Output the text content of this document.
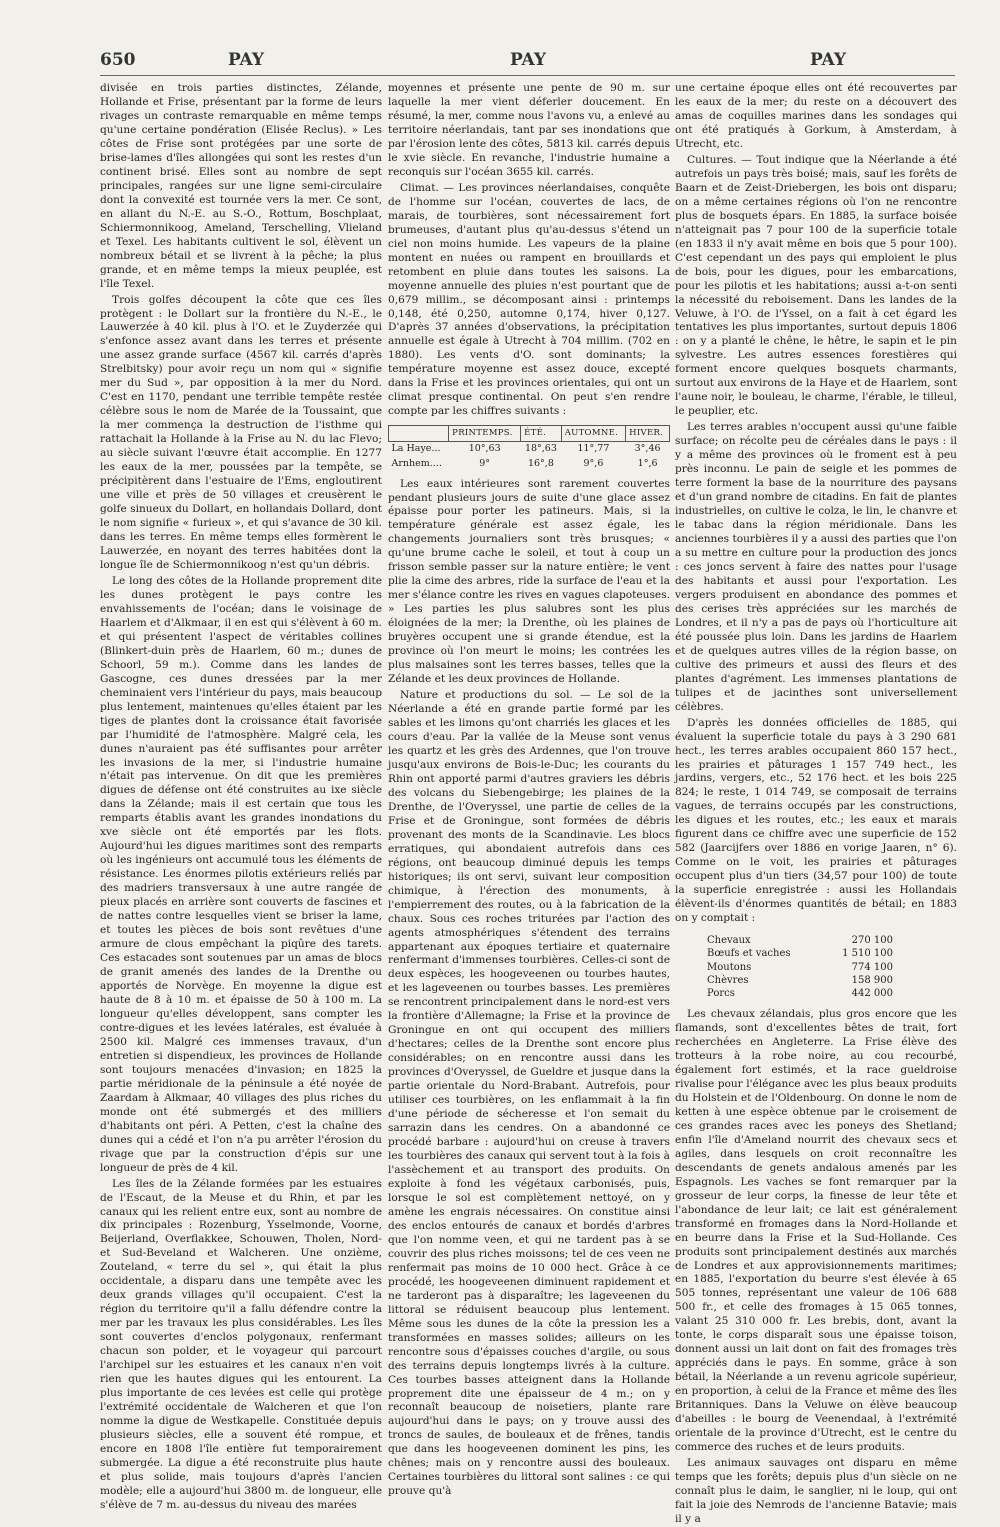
650	PAY	PAY	PAY

divisée en trois parties distinctes, Zélande, Hollande et Frise, présentant par la forme de leurs rivages un contraste remarquable en même temps qu'une certaine pondération (Elisée Reclus). » Les côtes de Frise sont protégées par une sorte de brise-lames d'îles allongées qui sont les restes d'un continent brisé. Elles sont au nombre de sept principales, rangées sur une ligne semi-circulaire dont la convexité est tournée vers la mer. Ce sont, en allant du N.-E. au S.-O., Rottum, Boschplaat, Schiermonnikoog, Ameland, Terschelling, Vlieland et Texel. Les habitants cultivent le sol, élèvent un nombreux bétail et se livrent à la pêche; la plus grande, et en même temps la mieux peuplée, est l'île Texel.

Trois golfes découpent la côte que ces îles protègent : le Dollart sur la frontière du N.-E., le Lauwerzée à 40 kil. plus à l'O. et le Zuyderzée qui s'enfonce assez avant dans les terres et présente une assez grande surface (4567 kil. carrés d'après Strelbitsky) pour avoir reçu un nom qui « signifie mer du Sud », par opposition à la mer du Nord. C'est en 1170, pendant une terrible tempête restée célèbre sous le nom de Marée de la Toussaint, que la mer commença la destruction de l'isthme qui rattachait la Hollande à la Frise au N. du lac Flevo; au siècle suivant l'œuvre était accomplie. En 1277 les eaux de la mer, poussées par la tempête, se précipitèrent dans l'estuaire de l'Ems, engloutirent une ville et près de 50 villages et creusèrent le golfe sinueux du Dollart, en hollandais Dollard, dont le nom signifie « furieux », et qui s'avance de 30 kil. dans les terres. En même temps elles formèrent le Lauwerzée, en noyant des terres habitées dont la longue île de Schiermonnikoog n'est qu'un débris.

Le long des côtes de la Hollande proprement dite les dunes protègent le pays contre les envahissements de l'océan; dans le voisinage de Haarlem et d'Alkmaar, il en est qui s'élèvent à 60 m. et qui présentent l'aspect de véritables collines (Blinkert-duin près de Haarlem, 60 m.; dunes de Schoorl, 59 m.). Comme dans les landes de Gascogne, ces dunes dressées par la mer cheminaient vers l'intérieur du pays, mais beaucoup plus lentement, maintenues qu'elles étaient par les tiges de plantes dont la croissance était favorisée par l'humidité de l'atmosphère. Malgré cela, les dunes n'auraient pas été suffisantes pour arrêter les invasions de la mer, si l'industrie humaine n'était pas intervenue. On dit que les premières digues de défense ont été construites au ixe siècle dans la Zélande; mais il est certain que tous les remparts établis avant les grandes inondations du xve siècle ont été emportés par les flots. Aujourd'hui les digues maritimes sont des remparts où les ingénieurs ont accumulé tous les éléments de résistance. Les énormes pilotis extérieurs reliés par des madriers transversaux à une autre rangée de pieux placés en arrière sont couverts de fascines et de nattes contre lesquelles vient se briser la lame, et toutes les pièces de bois sont revêtues d'une armure de clous empêchant la piqûre des tarets. Ces estacades sont soutenues par un amas de blocs de granit amenés des landes de la Drenthe ou apportés de Norvège. En moyenne la digue est haute de 8 à 10 m. et épaisse de 50 à 100 m. La longueur qu'elles développent, sans compter les contre-digues et les levées latérales, est évaluée à 2500 kil. Malgré ces immenses travaux, d'un entretien si dispendieux, les provinces de Hollande sont toujours menacées d'invasion; en 1825 la partie méridionale de la péninsule a été noyée de Zaardam à Alkmaar, 40 villages des plus riches du monde ont été submergés et des milliers d'habitants ont péri. A Petten, c'est la chaîne des dunes qui a cédé et l'on n'a pu arrêter l'érosion du rivage que par la construction d'épis sur une longueur de près de 4 kil.

Les îles de la Zélande formées par les estuaires de l'Escaut, de la Meuse et du Rhin, et par les canaux qui les relient entre eux, sont au nombre de dix principales : Rozenburg, Ysselmonde, Voorne, Beijerland, Overflakkee, Schouwen, Tholen, Nord- et Sud-Beveland et Walcheren. Une onzième, Zouteland, « terre du sel », qui était la plus occidentale, a disparu dans une tempête avec les deux grands villages qu'il occupaient. C'est la région du territoire qu'il a fallu défendre contre la mer par les travaux les plus considérables. Les îles sont couvertes d'enclos polygonaux, renfermant chacun son polder, et le voyageur qui parcourt l'archipel sur les estuaires et les canaux n'en voit rien que les hautes digues qui les entourent. La plus importante de ces levées est celle qui protège l'extrémité occidentale de Walcheren et que l'on nomme la digue de Westkapelle. Constituée depuis plusieurs siècles, elle a souvent été rompue, et encore en 1808 l'île entière fut temporairement submergée. La digue a été reconstruite plus haute et plus solide, mais toujours d'après l'ancien modèle; elle a aujourd'hui 3800 m. de longueur, elle s'élève de 7 m. au-dessus du niveau des marées

moyennes et présente une pente de 90 m. sur laquelle la mer vient déferler doucement. En résumé, la mer, comme nous l'avons vu, a enlevé au territoire néerlandais, tant par ses inondations que par l'érosion lente des côtes, 5813 kil. carrés depuis le xvie siècle. En revanche, l'industrie humaine a reconquis sur l'océan 3655 kil. carrés.

Climat. — Les provinces néerlandaises, conquête de l'homme sur l'océan, couvertes de lacs, de marais, de tourbières, sont nécessairement fort brumeuses, d'autant plus qu'au-dessus s'étend un ciel non moins humide. Les vapeurs de la plaine montent en nuées ou rampent en brouillards et retombent en pluie dans toutes les saisons. La moyenne annuelle des pluies n'est pourtant que de 0,679 millim., se décomposant ainsi : printemps 0,148, été 0,250, automne 0,174, hiver 0,127. D'après 37 années d'observations, la précipitation annuelle est égale à Utrecht à 704 millim. (702 en 1880). Les vents d'O. sont dominants; la température moyenne est assez douce, excepté dans la Frise et les provinces orientales, qui ont un climat presque continental. On peut s'en rendre compte par les chiffres suivants :

	PRINTEMPS.	ÉTÉ.	AUTOMNE.	HIVER.
La Haye...	10°,63	18°,63	11°,77	3°,46
Arnhem....	9°	16°,8	9°,6	1°,6

Les eaux intérieures sont rarement couvertes pendant plusieurs jours de suite d'une glace assez épaisse pour porter les patineurs. Mais, si la température générale est assez égale, les changements journaliers sont très brusques; « qu'une brume cache le soleil, et tout à coup un frisson semble passer sur la nature entière; le vent plie la cime des arbres, ride la surface de l'eau et la mer s'élance contre les rives en vagues clapoteuses. » Les parties les plus salubres sont les plus éloignées de la mer; la Drenthe, où les plaines de bruyères occupent une si grande étendue, est la province où l'on meurt le moins; les contrées les plus malsaines sont les terres basses, telles que la Zélande et les deux provinces de Hollande.

Nature et productions du sol. — Le sol de la Néerlande a été en grande partie formé par les sables et les limons qu'ont charriés les glaces et les cours d'eau. Par la vallée de la Meuse sont venus les quartz et les grès des Ardennes, que l'on trouve jusqu'aux environs de Bois-le-Duc; les courants du Rhin ont apporté parmi d'autres graviers les débris des volcans du Siebengebirge; les plaines de la Drenthe, de l'Overyssel, une partie de celles de la Frise et de Groningue, sont formées de débris provenant des monts de la Scandinavie. Les blocs erratiques, qui abondaient autrefois dans ces régions, ont beaucoup diminué depuis les temps historiques; ils ont servi, suivant leur composition chimique, à l'érection des monuments, à l'empierrement des routes, ou à la fabrication de la chaux. Sous ces roches triturées par l'action des agents atmosphériques s'étendent des terrains appartenant aux époques tertiaire et quaternaire renfermant d'immenses tourbières. Celles-ci sont de deux espèces, les hoogeveenen ou tourbes hautes, et les lageveenen ou tourbes basses. Les premières se rencontrent principalement dans le nord-est vers la frontière d'Allemagne; la Frise et la province de Groningue en ont qui occupent des milliers d'hectares; celles de la Drenthe sont encore plus considérables; on en rencontre aussi dans les provinces d'Overyssel, de Gueldre et jusque dans la partie orientale du Nord-Brabant. Autrefois, pour utiliser ces tourbières, on les enflammait à la fin d'une période de sécheresse et l'on semait du sarrazin dans les cendres. On a abandonné ce procédé barbare : aujourd'hui on creuse à travers les tourbières des canaux qui servent tout à la fois à l'assèchement et au transport des produits. On exploite à fond les végétaux carbonisés, puis, lorsque le sol est complètement nettoyé, on y amène les engrais nécessaires. On constitue ainsi des enclos entourés de canaux et bordés d'arbres que l'on nomme veen, et qui ne tardent pas à se couvrir des plus riches moissons; tel de ces veen ne renfermait pas moins de 10 000 hect. Grâce à ce procédé, les hoogeveenen diminuent rapidement et ne tarderont pas à disparaître; les lageveenen du littoral se réduisent beaucoup plus lentement. Même sous les dunes de la côte la pression les a transformées en masses solides; ailleurs on les rencontre sous d'épaisses couches d'argile, ou sous des terrains depuis longtemps livrés à la culture. Ces tourbes basses atteignent dans la Hollande proprement dite une épaisseur de 4 m.; on y reconnaît beaucoup de noisetiers, plante rare aujourd'hui dans le pays; on y trouve aussi des troncs de saules, de bouleaux et de frênes, tandis que dans les hoogeveenen dominent les pins, les chênes; mais on y rencontre aussi des bouleaux. Certaines tourbières du littoral sont salines : ce qui prouve qu'à

une certaine époque elles ont été recouvertes par les eaux de la mer; du reste on a découvert des amas de coquilles marines dans les sondages qui ont été pratiqués à Gorkum, à Amsterdam, à Utrecht, etc.

Cultures. — Tout indique que la Néerlande a été autrefois un pays très boisé; mais, sauf les forêts de Baarn et de Zeist-Driebergen, les bois ont disparu; on a même certaines régions où l'on ne rencontre plus de bosquets épars. En 1885, la surface boisée n'atteignait pas 7 pour 100 de la superficie totale (en 1833 il n'y avait même en bois que 5 pour 100). C'est cependant un des pays qui emploient le plus de bois, pour les digues, pour les embarcations, pour les pilotis et les habitations; aussi a-t-on senti la nécessité du reboisement. Dans les landes de la Veluwe, à l'O. de l'Yssel, on a fait à cet égard les tentatives les plus importantes, surtout depuis 1806 : on y a planté le chêne, le hêtre, le sapin et le pin sylvestre. Les autres essences forestières qui forment encore quelques bosquets charmants, surtout aux environs de la Haye et de Haarlem, sont l'aune noir, le bouleau, le charme, l'érable, le tilleul, le peuplier, etc.

Les terres arables n'occupent aussi qu'une faible surface; on récolte peu de céréales dans le pays : il y a même des provinces où le froment est à peu près inconnu. Le pain de seigle et les pommes de terre forment la base de la nourriture des paysans et d'un grand nombre de citadins. En fait de plantes industrielles, on cultive le colza, le lin, le chanvre et le tabac dans la région méridionale. Dans les anciennes tourbières il y a aussi des parties que l'on a su mettre en culture pour la production des joncs : ces joncs servent à faire des nattes pour l'usage des habitants et aussi pour l'exportation. Les vergers produisent en abondance des pommes et des cerises très appréciées sur les marchés de Londres, et il n'y a pas de pays où l'horticulture ait été poussée plus loin. Dans les jardins de Haarlem et de quelques autres villes de la région basse, on cultive des primeurs et aussi des fleurs et des plantes d'agrément. Les immenses plantations de tulipes et de jacinthes sont universellement célèbres.

D'après les données officielles de 1885, qui évaluent la superficie totale du pays à 3 290 681 hect., les terres arables occupaient 860 157 hect., les prairies et pâturages 1 157 749 hect., les jardins, vergers, etc., 52 176 hect. et les bois 225 824; le reste, 1 014 749, se composait de terrains vagues, de terrains occupés par les constructions, les digues et les routes, etc.; les eaux et marais figurent dans ce chiffre avec une superficie de 152 582 (Jaarcijfers over 1886 en vorige Jaaren, n° 6). Comme on le voit, les prairies et pâturages occupent plus d'un tiers (34,57 pour 100) de toute la superficie enregistrée : aussi les Hollandais élèvent-ils d'énormes quantités de bétail; en 1883 on y comptait :

Chevaux	270 100
Bœufs et vaches	1 510 100
Moutons	774 100
Chèvres	158 900
Porcs	442 000

Les chevaux zélandais, plus gros encore que les flamands, sont d'excellentes bêtes de trait, fort recherchées en Angleterre. La Frise élève des trotteurs à la robe noire, au cou recourbé, également fort estimés, et la race gueldroise rivalise pour l'élégance avec les plus beaux produits du Holstein et de l'Oldenbourg. On donne le nom de ketten à une espèce obtenue par le croisement de ces grandes races avec les poneys des Shetland; enfin l'île d'Ameland nourrit des chevaux secs et agiles, dans lesquels on croit reconnaître les descendants de genets andalous amenés par les Espagnols. Les vaches se font remarquer par la grosseur de leur corps, la finesse de leur tête et l'abondance de leur lait; ce lait est généralement transformé en fromages dans la Nord-Hollande et en beurre dans la Frise et la Sud-Hollande. Ces produits sont principalement destinés aux marchés de Londres et aux approvisionnements maritimes; en 1885, l'exportation du beurre s'est élevée à 65 505 tonnes, représentant une valeur de 106 688 500 fr., et celle des fromages à 15 065 tonnes, valant 25 310 000 fr. Les brebis, dont, avant la tonte, le corps disparaît sous une épaisse toison, donnent aussi un lait dont on fait des fromages très appréciés dans le pays. En somme, grâce à son bétail, la Néerlande a un revenu agricole supérieur, en proportion, à celui de la France et même des îles Britanniques. Dans la Veluwe on élève beaucoup d'abeilles : le bourg de Veenendaal, à l'extrémité orientale de la province d'Utrecht, est le centre du commerce des ruches et de leurs produits.

Les animaux sauvages ont disparu en même temps que les forêts; depuis plus d'un siècle on ne connaît plus le daim, le sanglier, ni le loup, qui ont fait la joie des Nemrods de l'ancienne Batavie; mais il y a
